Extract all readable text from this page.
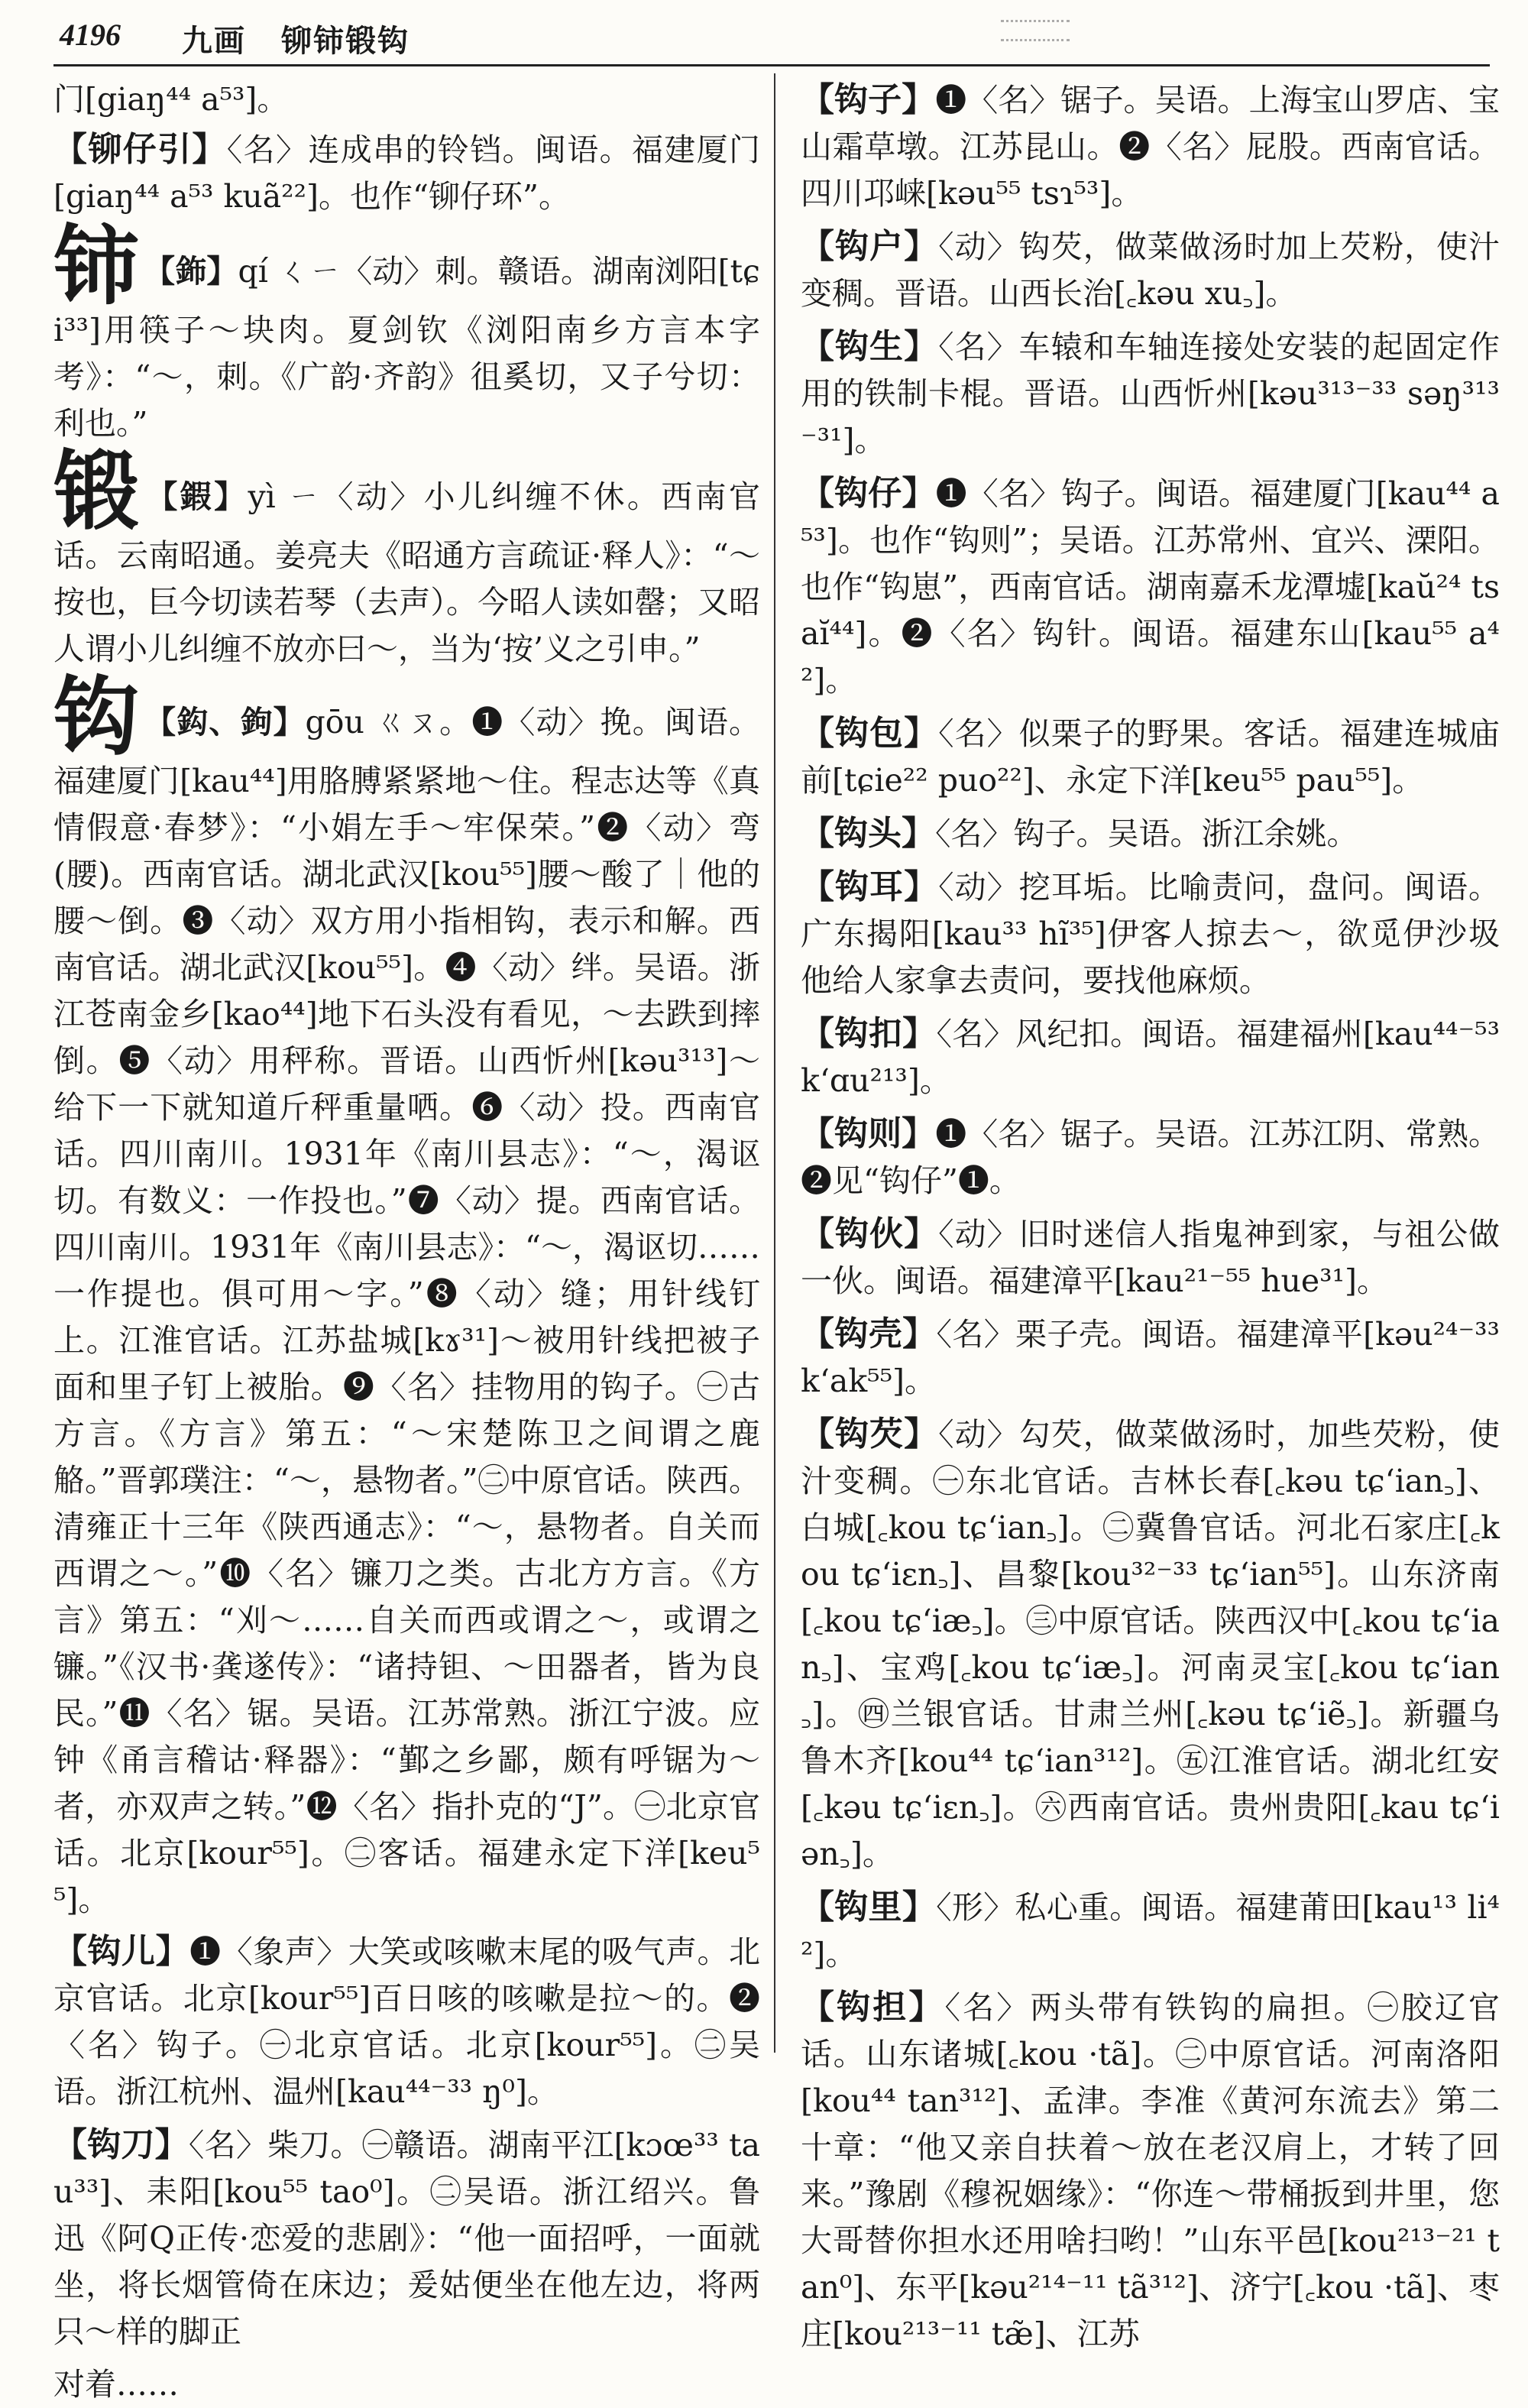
4196 九画 铆铈锻钩

门[giaŋ⁴⁴ a⁵³]。

【铆仔引】〈名〉连成串的铃铛。闽语。福建厦门[giaŋ⁴⁴ a⁵³ kuã²²]。也作“铆仔环”。

铈 【鉓】qí ㄑㄧ〈动〉刺。赣语。湖南浏阳[tɕi³³]用筷子～块肉。夏剑钦《浏阳南乡方言本字考》：“～，刺。《广韵·齐韵》徂奚切，又子兮切：利也。”

锻 【鍜】yì ㄧ〈动〉小儿纠缠不休。西南官话。云南昭通。姜亮夫《昭通方言疏证·释人》：“～按也，巨今切读若琴（去声）。今昭人读如罄；又昭人谓小儿纠缠不放亦曰～，当为‘按’义之引申。”

钩 【鈎、鉤】gōu ㄍㄡ。❶〈动〉挽。闽语。福建厦门[kau⁴⁴]用胳膊紧紧地～住。程志达等《真情假意·春梦》：“小娟左手～牢保荣。”❷〈动〉弯(腰)。西南官话。湖北武汉[kou⁵⁵]腰～酸了｜他的腰～倒。❸〈动〉双方用小指相钩，表示和解。西南官话。湖北武汉[kou⁵⁵]。❹〈动〉绊。吴语。浙江苍南金乡[kao⁴⁴]地下石头没有看见，～去跌到摔倒。❺〈动〉用秤称。晋语。山西忻州[kəu³¹³]～给下一下就知道斤秤重量哂。❻〈动〉投。西南官话。四川南川。1931年《南川县志》：“～，渴讴切。有数义：一作投也。”❼〈动〉提。西南官话。四川南川。1931年《南川县志》：“～，渴讴切……一作提也。俱可用～字。”❽〈动〉缝；用针线钉上。江淮官话。江苏盐城[kɤ³¹]～被用针线把被子面和里子钉上被胎。❾〈名〉挂物用的钩子。㊀古方言。《方言》第五：“～宋楚陈卫之间谓之鹿觡。”晋郭璞注：“～，悬物者。”㊁中原官话。陕西。清雍正十三年《陕西通志》：“～，悬物者。自关而西谓之～。”❿〈名〉镰刀之类。古北方方言。《方言》第五：“刈～……自关而西或谓之～，或谓之镰。”《汉书·龚遂传》：“诸持钽、～田器者，皆为良民。”⓫〈名〉锯。吴语。江苏常熟。浙江宁波。应钟《甬言稽诂·释器》：“鄞之乡鄙，颇有呼锯为～者，亦双声之转。”⓬〈名〉指扑克的“J”。㊀北京官话。北京[kour⁵⁵]。㊁客话。福建永定下洋[keu⁵⁵]。

【钩儿】❶〈象声〉大笑或咳嗽末尾的吸气声。北京官话。北京[kour⁵⁵]百日咳的咳嗽是拉～的。❷〈名〉钩子。㊀北京官话。北京[kour⁵⁵]。㊁吴语。浙江杭州、温州[kau⁴⁴⁻³³ ŋ⁰]。

【钩刀】〈名〉柴刀。㊀赣语。湖南平江[kɔœ³³ tau³³]、耒阳[kou⁵⁵ tao⁰]。㊁吴语。浙江绍兴。鲁迅《阿Q正传·恋爱的悲剧》：“他一面招呼，一面就坐，将长烟管倚在床边；爰姑便坐在他左边，将两只～样的脚正

对着……

【钩子】❶〈名〉锯子。吴语。上海宝山罗店、宝山霜草墩。江苏昆山。❷〈名〉屁股。西南官话。四川邛崃[kəu⁵⁵ tsɿ⁵³]。

【钩户】〈动〉钩芡，做菜做汤时加上芡粉，使汁变稠。晋语。山西长治[꜀kəu xu꜆]。

【钩生】〈名〉车辕和车轴连接处安装的起固定作用的铁制卡棍。晋语。山西忻州[kəu³¹³⁻³³ səŋ³¹³⁻³¹]。

【钩仔】❶〈名〉钩子。闽语。福建厦门[kau⁴⁴ a⁵³]。也作“钩则”；吴语。江苏常州、宜兴、溧阳。也作“钩崽”，西南官话。湖南嘉禾龙潭墟[kaŭ²⁴ tsaĭ⁴⁴]。❷〈名〉钩针。闽语。福建东山[kau⁵⁵ a⁴²]。

【钩包】〈名〉似栗子的野果。客话。福建连城庙前[tɕie²² puo²²]、永定下洋[keu⁵⁵ pau⁵⁵]。

【钩头】〈名〉钩子。吴语。浙江余姚。

【钩耳】〈动〉挖耳垢。比喻责问，盘问。闽语。广东揭阳[kau³³ hĩ³⁵]伊客人掠去～，欲觅伊沙圾他给人家拿去责问，要找他麻烦。

【钩扣】〈名〉风纪扣。闽语。福建福州[kau⁴⁴⁻⁵³ kʻɑu²¹³]。

【钩则】❶〈名〉锯子。吴语。江苏江阴、常熟。❷见“钩仔”❶。

【钩伙】〈动〉旧时迷信人指鬼神到家，与祖公做一伙。闽语。福建漳平[kau²¹⁻⁵⁵ hue³¹]。

【钩壳】〈名〉栗子壳。闽语。福建漳平[kəu²⁴⁻³³ kʻak⁵⁵]。

【钩芡】〈动〉勾芡，做菜做汤时，加些芡粉，使汁变稠。㊀东北官话。吉林长春[꜀kəu tɕʻian꜆]、白城[꜀kou tɕʻian꜆]。㊁冀鲁官话。河北石家庄[꜀kou tɕʻiɛn꜆]、昌黎[kou³²⁻³³ tɕʻian⁵⁵]。山东济南[꜀kou tɕʻiæ꜆]。㊂中原官话。陕西汉中[꜀kou tɕʻian꜆]、宝鸡[꜀kou tɕʻiæ꜆]。河南灵宝[꜀kou tɕʻian꜆]。㊃兰银官话。甘肃兰州[꜀kəu tɕʻiẽ꜆]。新疆乌鲁木齐[kou⁴⁴ tɕʻian³¹²]。㊄江淮官话。湖北红安[꜀kəu tɕʻiɛn꜆]。㊅西南官话。贵州贵阳[꜀kau tɕʻiən꜆]。

【钩里】〈形〉私心重。闽语。福建莆田[kau¹³ li⁴²]。

【钩担】〈名〉两头带有铁钩的扁担。㊀胶辽官话。山东诸城[꜀kou ·tã]。㊁中原官话。河南洛阳[kou⁴⁴ tan³¹²]、孟津。李准《黄河东流去》第二十章：“他又亲自扶着～放在老汉肩上，才转了回来。”豫剧《穆祝姻缘》：“你连～带桶扳到井里，您大哥替你担水还用啥扫哟！”山东平邑[kou²¹³⁻²¹ tan⁰]、东平[kəu²¹⁴⁻¹¹ tã³¹²]、济宁[꜀kou ·tã]、枣庄[kou²¹³⁻¹¹ tæ̃]、江苏
